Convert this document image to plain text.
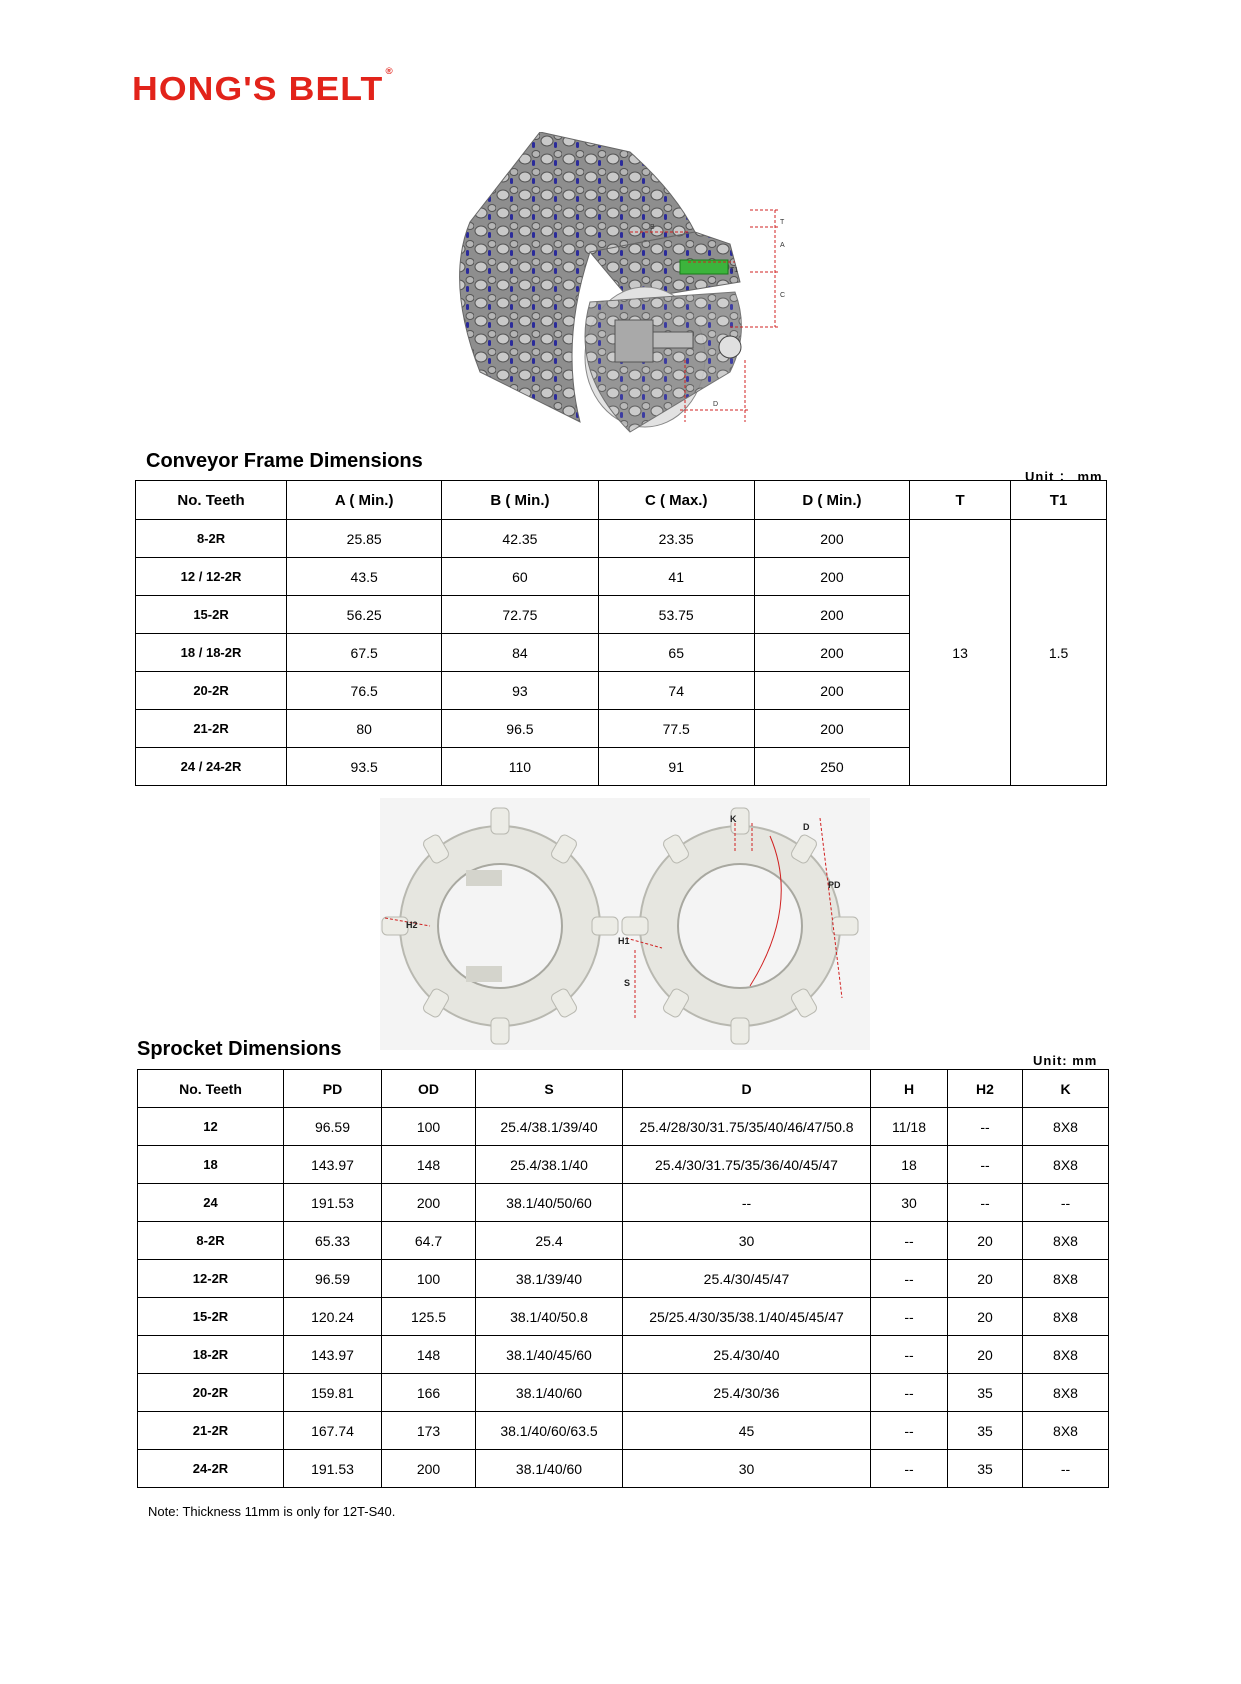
HONG'S BELT ®
T
A
C
D
B
T1
Conveyor Frame Dimensions
Unit ： mm
No. Teeth	A ( Min.)	B ( Min.)	C ( Max.)	D ( Min.)	T	T1
8-2R	25.85	42.35	23.35	200	13	1.5
12 / 12-2R	43.5	60	41	200		
15-2R	56.25	72.75	53.75	200		
18 / 18-2R	67.5	84	65	200		
20-2R	76.5	93	74	200		
21-2R	80	96.5	77.5	200		
24 / 24-2R	93.5	110	91	250		
K
D
PD
H2
H1
S
Sprocket Dimensions
Unit: mm
No. Teeth	PD	OD	S	D	H	H2	K
12	96.59	100	25.4/38.1/39/40	25.4/28/30/31.75/35/40/46/47/50.8	11/18	--	8X8
18	143.97	148	25.4/38.1/40	25.4/30/31.75/35/36/40/45/47	18	--	8X8
24	191.53	200	38.1/40/50/60	--	30	--	--
8-2R	65.33	64.7	25.4	30	--	20	8X8
12-2R	96.59	100	38.1/39/40	25.4/30/45/47	--	20	8X8
15-2R	120.24	125.5	38.1/40/50.8	25/25.4/30/35/38.1/40/45/45/47	--	20	8X8
18-2R	143.97	148	38.1/40/45/60	25.4/30/40	--	20	8X8
20-2R	159.81	166	38.1/40/60	25.4/30/36	--	35	8X8
21-2R	167.74	173	38.1/40/60/63.5	45	--	35	8X8
24-2R	191.53	200	38.1/40/60	30	--	35	--
Note: Thickness 11mm is only for 12T-S40.
